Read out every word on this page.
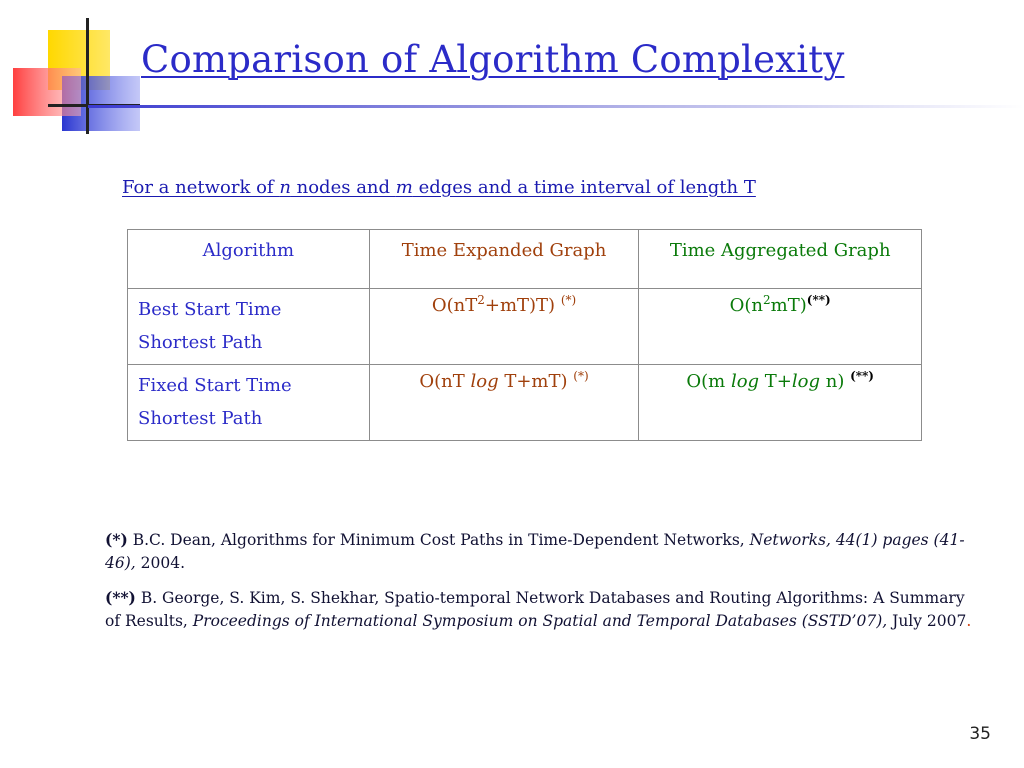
Comparison of Algorithm Complexity
For a network of n nodes and m edges and a time interval of length T
Algorithm	Time Expanded Graph	Time Aggregated Graph

Best Start Time
Shortest Path	$O(nT^2+mT)T$) (*)	$O(n^2mT)^{(**)}$

Fixed Start Time
Shortest Path	O(nT log T+mT) (*)	O(m log T+log n) (**)

(*) B.C. Dean, Algorithms for Minimum Cost Paths in Time-Dependent Networks, Networks, 44(1) pages (41-46), 2004.

(**) B. George, S. Kim, S. Shekhar, Spatio-temporal Network Databases and Routing Algorithms: A Summary of Results, Proceedings of International Symposium on Spatial and Temporal Databases (SSTD’07), July 2007.

35
